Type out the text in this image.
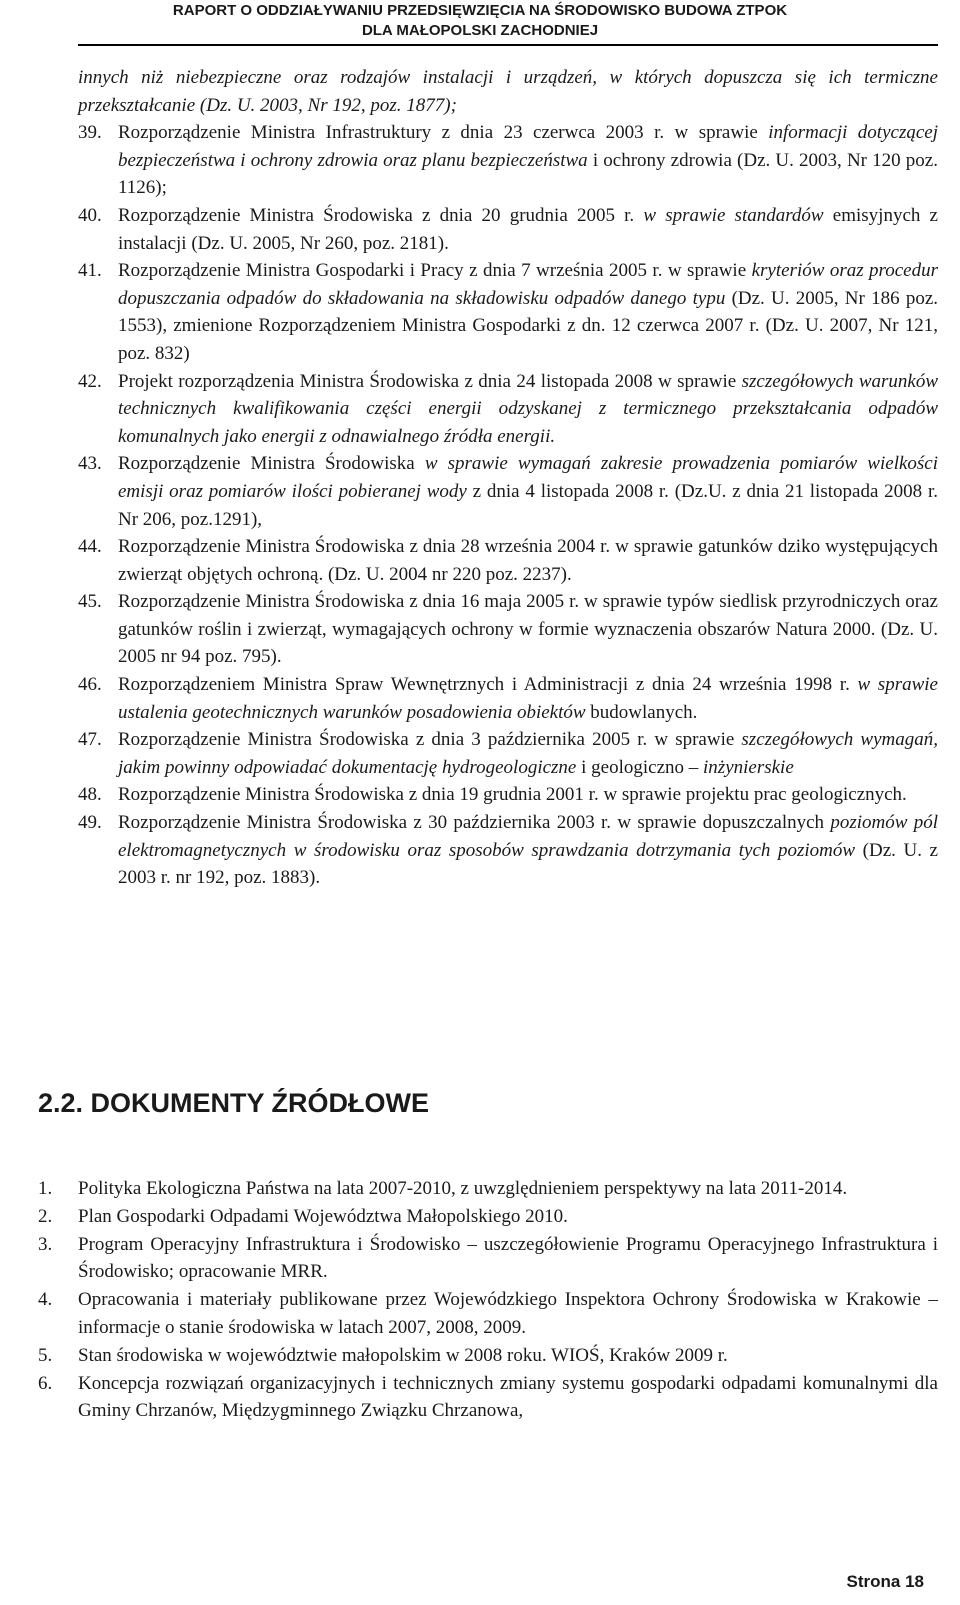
RAPORT O ODDZIAŁYWANIU PRZEDSIĘWZIĘCIA NA ŚRODOWISKO BUDOWA ZTPOK
DLA MAŁOPOLSKI ZACHODNIEJ
innych niż niebezpieczne oraz rodzajów instalacji i urządzeń, w których dopuszcza się ich termiczne przekształcanie (Dz. U. 2003, Nr 192, poz. 1877);
39. Rozporządzenie Ministra Infrastruktury z dnia 23 czerwca 2003 r. w sprawie informacji dotyczącej bezpieczeństwa i ochrony zdrowia oraz planu bezpieczeństwa i ochrony zdrowia (Dz. U. 2003, Nr 120 poz. 1126);
40. Rozporządzenie Ministra Środowiska z dnia 20 grudnia 2005 r. w sprawie standardów emisyjnych z instalacji (Dz. U. 2005, Nr 260, poz. 2181).
41. Rozporządzenie Ministra Gospodarki i Pracy z dnia 7 września 2005 r. w sprawie kryteriów oraz procedur dopuszczania odpadów do składowania na składowisku odpadów danego typu (Dz. U. 2005, Nr 186 poz. 1553), zmienione Rozporządzeniem Ministra Gospodarki z dn. 12 czerwca 2007 r. (Dz. U. 2007, Nr 121, poz. 832)
42. Projekt rozporządzenia Ministra Środowiska z dnia 24 listopada 2008 w sprawie szczegółowych warunków technicznych kwalifikowania części energii odzyskanej z termicznego przekształcania odpadów komunalnych jako energii z odnawialnego źródła energii.
43. Rozporządzenie Ministra Środowiska w sprawie wymagań zakresie prowadzenia pomiarów wielkości emisji oraz pomiarów ilości pobieranej wody z dnia 4 listopada 2008 r. (Dz.U. z dnia 21 listopada 2008 r. Nr 206, poz.1291),
44. Rozporządzenie Ministra Środowiska z dnia 28 września 2004 r. w sprawie gatunków dziko występujących zwierząt objętych ochroną. (Dz. U. 2004 nr 220 poz. 2237).
45. Rozporządzenie Ministra Środowiska z dnia 16 maja 2005 r. w sprawie typów siedlisk przyrodniczych oraz gatunków roślin i zwierząt, wymagających ochrony w formie wyznaczenia obszarów Natura 2000. (Dz. U. 2005 nr 94 poz. 795).
46. Rozporządzeniem Ministra Spraw Wewnętrznych i Administracji z dnia 24 września 1998 r. w sprawie ustalenia geotechnicznych warunków posadowienia obiektów budowlanych.
47. Rozporządzenie Ministra Środowiska z dnia 3 października 2005 r. w sprawie szczegółowych wymagań, jakim powinny odpowiadać dokumentację hydrogeologiczne i geologiczno – inżynierskie
48. Rozporządzenie Ministra Środowiska z dnia 19 grudnia 2001 r. w sprawie projektu prac geologicznych.
49. Rozporządzenie Ministra Środowiska z 30 października 2003 r. w sprawie dopuszczalnych poziomów pól elektromagnetycznych w środowisku oraz sposobów sprawdzania dotrzymania tych poziomów (Dz. U. z 2003 r. nr 192, poz. 1883).
2.2. DOKUMENTY ŹRÓDŁOWE
1. Polityka Ekologiczna Państwa na lata 2007-2010, z uwzględnieniem perspektywy na lata 2011-2014.
2. Plan Gospodarki Odpadami Województwa Małopolskiego 2010.
3. Program Operacyjny Infrastruktura i Środowisko – uszczegółowienie Programu Operacyjnego Infrastruktura i Środowisko; opracowanie MRR.
4. Opracowania i materiały publikowane przez Wojewódzkiego Inspektora Ochrony Środowiska w Krakowie – informacje o stanie środowiska w latach 2007, 2008, 2009.
5. Stan środowiska w województwie małopolskim w 2008 roku. WIOŚ, Kraków 2009 r.
6. Koncepcja rozwiązań organizacyjnych i technicznych zmiany systemu gospodarki odpadami komunalnymi dla Gminy Chrzanów, Międzygminnego Związku Chrzanowa,
Strona 18
